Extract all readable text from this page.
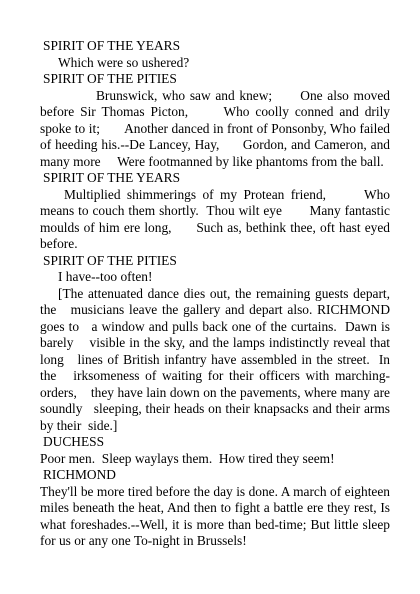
SPIRIT OF THE YEARS

Which were so ushered?

SPIRIT OF THE PITIES

Brunswick, who saw and knew;      One also moved before Sir Thomas Picton,      Who coolly conned and drily spoke to it;       Another danced in front of Ponsonby, Who failed of heeding his.--De Lancey, Hay,      Gordon, and Cameron, and many more     Were footmanned by like phantoms from the ball.

SPIRIT OF THE YEARS

Multiplied shimmerings of my Protean friend,      Who means to couch them shortly.  Thou wilt eye       Many fantastic moulds of him ere long,      Such as, bethink thee, oft hast eyed before.

SPIRIT OF THE PITIES

I have--too often!

[The attenuated dance dies out, the remaining guests depart, the   musicians leave the gallery and depart also. RICHMOND goes to   a window and pulls back one of the curtains.  Dawn is barely    visible in the sky, and the lamps indistinctly reveal that long   lines of British infantry have assembled in the street.  In the   irksomeness of waiting for their officers with marching-orders,    they have lain down on the pavements, where many are soundly   sleeping, their heads on their knapsacks and their arms by their  side.]

DUCHESS

Poor men.  Sleep waylays them.  How tired they seem!

RICHMOND

They'll be more tired before the day is done. A march of eighteen miles beneath the heat, And then to fight a battle ere they rest, Is what foreshades.--Well, it is more than bed-time; But little sleep for us or any one To-night in Brussels!
